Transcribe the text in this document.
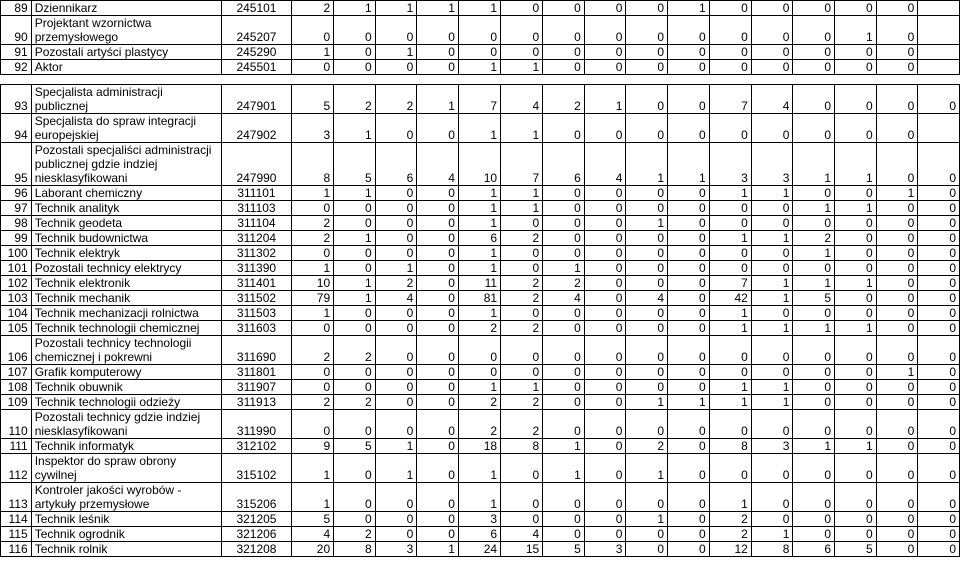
89	Dziennikarz	245101	2	1	1	1	1	0	0	0	0	1	0	0	0	0	0	
90	Projektant wzornictwa
przemysłowego	245207	0	0	0	0	0	0	0	0	0	0	0	0	0	1	0	
91	Pozostali artyści plastycy	245290	1	0	1	0	0	0	0	0	0	0	0	0	0	0	0	
92	Aktor	245501	0	0	0	0	1	1	0	0	0	0	0	0	0	0	0	

93	Specjalista administracji publicznej	247901	5	2	2	1	7	4	2	1	0	0	7	4	0	0	0	0
94	Specjalista do spraw integracji
europejskiej	247902	3	1	0	0	1	1	0	0	0	0	0	0	0	0	0	
95	Pozostali specjaliści administracji
publicznej gdzie indziej
niesklasyfikowani	247990	8	5	6	4	10	7	6	4	1	1	3	3	1	1	0	0
96	Laborant chemiczny	311101	1	1	0	0	1	1	0	0	0	0	1	1	0	0	1	0
97	Technik analityk	311103	0	0	0	0	1	1	0	0	0	0	0	0	1	1	0	0
98	Technik geodeta	311104	2	0	0	0	1	0	0	0	1	0	0	0	0	0	0	0
99	Technik budownictwa	311204	2	1	0	0	6	2	0	0	0	0	1	1	2	0	0	0
100	Technik elektryk	311302	0	0	0	0	1	0	0	0	0	0	0	0	1	0	0	0
101	Pozostali technicy elektrycy	311390	1	0	1	0	1	0	1	0	0	0	0	0	0	0	0	0
102	Technik elektronik	311401	10	1	2	0	11	2	2	0	0	0	7	1	1	1	0	0
103	Technik mechanik	311502	79	1	4	0	81	2	4	0	4	0	42	1	5	0	0	0
104	Technik mechanizacji rolnictwa	311503	1	0	0	0	1	0	0	0	0	0	1	0	0	0	0	0
105	Technik technologii chemicznej	311603	0	0	0	0	2	2	0	0	0	0	1	1	1	1	0	0
106	Pozostali technicy technologii
chemicznej i pokrewni	311690	2	2	0	0	0	0	0	0	0	0	0	0	0	0	0	0
107	Grafik komputerowy	311801	0	0	0	0	0	0	0	0	0	0	0	0	0	0	1	0
108	Technik obuwnik	311907	0	0	0	0	1	1	0	0	0	0	1	1	0	0	0	0
109	Technik technologii odzieży	311913	2	2	0	0	2	2	0	0	1	1	1	1	0	0	0	0
110	Pozostali technicy gdzie indziej
niesklasyfikowani	311990	0	0	0	0	2	2	0	0	0	0	0	0	0	0	0	0
111	Technik informatyk	312102	9	5	1	0	18	8	1	0	2	0	8	3	1	1	0	0
112	Inspektor do spraw obrony
cywilnej	315102	1	0	1	0	1	0	1	0	1	0	0	0	0	0	0	0
113	Kontroler jakości wyrobów -
artykuły przemysłowe	315206	1	0	0	0	1	0	0	0	0	0	1	0	0	0	0	0
114	Technik leśnik	321205	5	0	0	0	3	0	0	0	1	0	2	0	0	0	0	0
115	Technik ogrodnik	321206	4	2	0	0	6	4	0	0	0	0	2	1	0	0	0	0
116	Technik rolnik	321208	20	8	3	1	24	15	5	3	0	0	12	8	6	5	0	0
